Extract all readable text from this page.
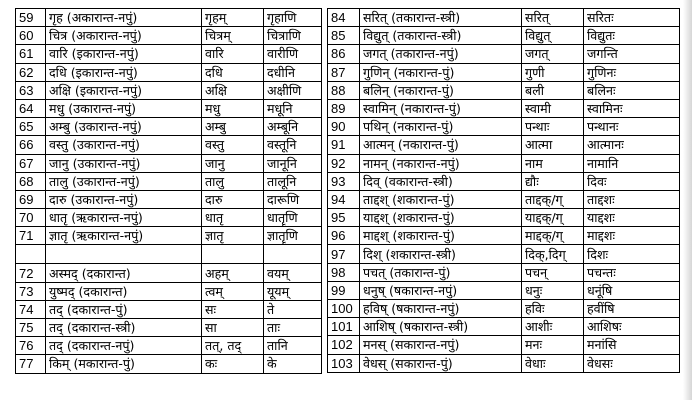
59	गृह (अकारान्त-नपुं)	गृहम्	गृहाणि
60	चित्र (अकारान्त-नपुं)	चित्रम्	चित्राणि
61	वारि (इकारान्त-नपुं)	वारि	वारीणि
62	दधि (इकारान्त-नपुं)	दधि	दधीनि
63	अक्षि (इकारान्त-नपुं)	अक्षि	अक्षीणि
64	मधु (उकारान्त-नपुं)	मधु	मधूनि
65	अम्बु (उकारान्त-नपुं)	अम्बु	अम्बूनि
66	वस्तु (उकारान्त-नपुं)	वस्तु	वस्तूनि
67	जानु (उकारान्त-नपुं)	जानु	जानूनि
68	तालु (उकारान्त-नपुं)	तालु	तालूनि
69	दारु (उकारान्त-नपुं)	दारु	दारूणि
70	धातृ (ऋकारान्त-नपुं)	धातृ	धातॄणि
71	ज्ञातृ (ऋकारान्त-नपुं)	ज्ञातृ	ज्ञातॄणि

72	अस्मद् (दकारान्त)	अहम्	वयम्
73	युष्मद् (दकारान्त)	त्वम्	यूयम्
74	तद् (दकारान्त-पुं)	सः	ते
75	तद् (दकारान्त-स्त्री)	सा	ताः
76	तद् (दकारान्त-नपुं)	तत्, तद्	तानि
77	किम् (मकारान्त-पुं)	कः	के
84	सरित् (तकारान्त-स्त्री)	सरित्	सरितः
85	विद्युत् (तकारान्त-स्त्री)	विद्युत्	विद्युतः
86	जगत् (तकारान्त-नपुं)	जगत्	जगन्ति
87	गुणिन् (नकारान्त-पुं)	गुणी	गुणिनः
88	बलिन् (नकारान्त-पुं)	बली	बलिनः
89	स्वामिन् (नकारान्त-पुं)	स्वामी	स्वामिनः
90	पथिन् (नकारान्त-पुं)	पन्थाः	पन्थानः
91	आत्मन् (नकारान्त-पुं)	आत्मा	आत्मानः
92	नामन् (नकारान्त-नपुं)	नाम	नामानि
93	दिव् (वकारान्त-स्त्री)	द्यौः	दिवः
94	ताद्दश् (शकारान्त-पुं)	ताद्दक्/ग्	ताद्दशः
95	याद्दश् (शकारान्त-पुं)	याद्दक्/ग्	याद्दशः
96	माद्दश् (शकारान्त-पुं)	माद्दक्/ग्	माद्दशः
97	दिश् (शकारान्त-स्त्री)	दिक्,दिग्	दिशः
98	पचत् (तकारान्त-पुं)	पचन्	पचन्तः
99	धनुष् (षकारान्त-नपुं)	धनुः	धनूंषि
100	हविष् (षकारान्त-नपुं)	हविः	हवींषि
101	आशिष् (षकारान्त-स्त्री)	आशीः	आशिषः
102	मनस् (सकारान्त-नपुं)	मनः	मनांसि
103	वेधस् (सकारान्त-पुं)	वेधाः	वेधसः
